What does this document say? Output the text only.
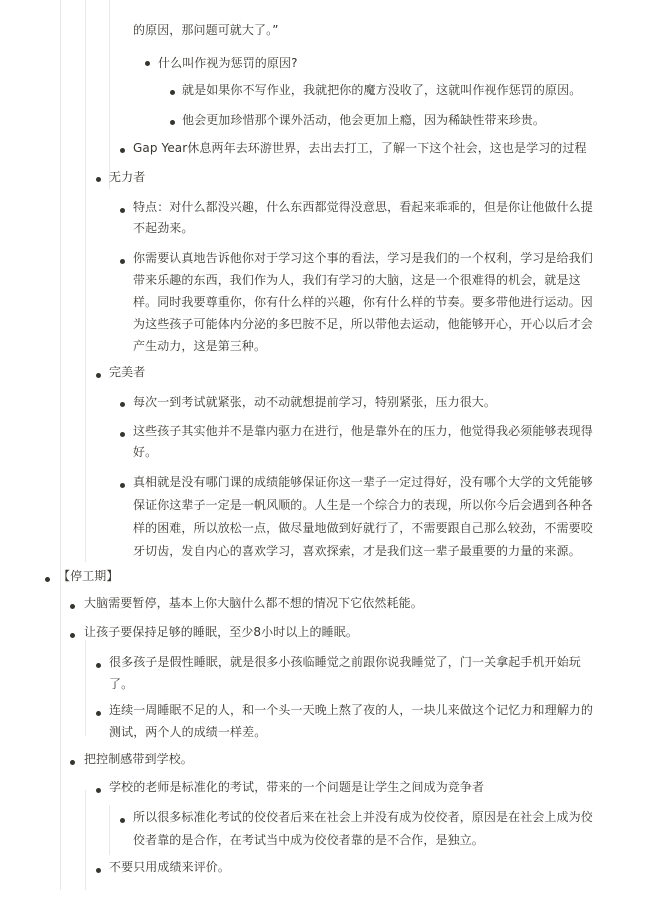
的原因，那问题可就大了。”
什么叫作视为惩罚的原因?
就是如果你不写作业，我就把你的魔方没收了，这就叫作视作惩罚的原因。
他会更加珍惜那个课外活动，他会更加上瘾，因为稀缺性带来珍贵。
Gap Year休息两年去环游世界，去出去打工，了解一下这个社会，这也是学习的过程
无力者
特点：对什么都没兴趣，什么东西都觉得没意思，看起来乖乖的，但是你让他做什么提
不起劲来。
你需要认真地告诉他你对于学习这个事的看法，学习是我们的一个权利，学习是给我们
带来乐趣的东西，我们作为人，我们有学习的大脑，这是一个很难得的机会，就是这
样。同时我要尊重你，你有什么样的兴趣，你有什么样的节奏。要多带他进行运动。因
为这些孩子可能体内分泌的多巴胺不足，所以带他去运动，他能够开心，开心以后才会
产生动力，这是第三种。
完美者
每次一到考试就紧张，动不动就想提前学习，特别紧张，压力很大。
这些孩子其实他并不是靠内驱力在进行，他是靠外在的压力，他觉得我必须能够表现得
好。
真相就是没有哪门课的成绩能够保证你这一辈子一定过得好，没有哪个大学的文凭能够
保证你这辈子一定是一帆风顺的。人生是一个综合力的表现，所以你今后会遇到各种各
样的困难，所以放松一点，做尽量地做到好就行了，不需要跟自己那么较劲，不需要咬
牙切齿，发自内心的喜欢学习，喜欢探索，才是我们这一辈子最重要的力量的来源。
【停工期】
大脑需要暂停，基本上你大脑什么都不想的情况下它依然耗能。
让孩子要保持足够的睡眠，至少8小时以上的睡眠。
很多孩子是假性睡眠，就是很多小孩临睡觉之前跟你说我睡觉了，门一关拿起手机开始玩
了。
连续一周睡眠不足的人，和一个头一天晚上熬了夜的人，一块儿来做这个记忆力和理解力的
测试，两个人的成绩一样差。
把控制感带到学校。
学校的老师是标准化的考试，带来的一个问题是让学生之间成为竞争者
所以很多标准化考试的佼佼者后来在社会上并没有成为佼佼者，原因是在社会上成为佼
佼者靠的是合作，在考试当中成为佼佼者靠的是不合作，是独立。
不要只用成绩来评价。
